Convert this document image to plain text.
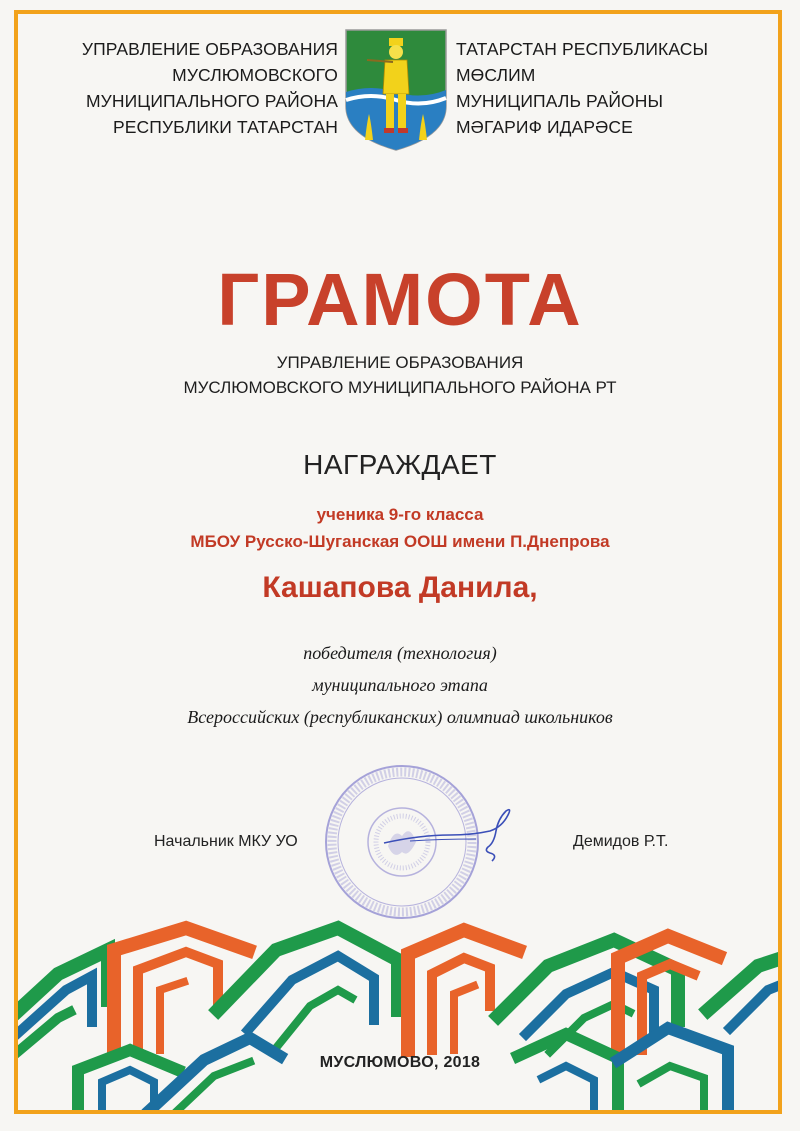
УПРАВЛЕНИЕ ОБРАЗОВАНИЯ
МУСЛЮМОВСКОГО
МУНИЦИПАЛЬНОГО РАЙОНА
РЕСПУБЛИКИ ТАТАРСТАН
ТАТАРСТАН РЕСПУБЛИКАСЫ
МӨСЛИМ
МУНИЦИПАЛЬ РАЙОНЫ
МӘГАРИФ ИДАРӘСЕ
ГРАМОТА
УПРАВЛЕНИЕ ОБРАЗОВАНИЯ
МУСЛЮМОВСКОГО МУНИЦИПАЛЬНОГО РАЙОНА РТ
НАГРАЖДАЕТ
ученика 9-го класса
МБОУ Русско-Шуганская ООШ имени П.Днепрова
Кашапова Данила,
победителя (технология)
муниципального этапа
Всероссийских (республиканских) олимпиад школьников
Начальник МКУ УО	Демидов Р.Т.
МУСЛЮМОВО, 2018
